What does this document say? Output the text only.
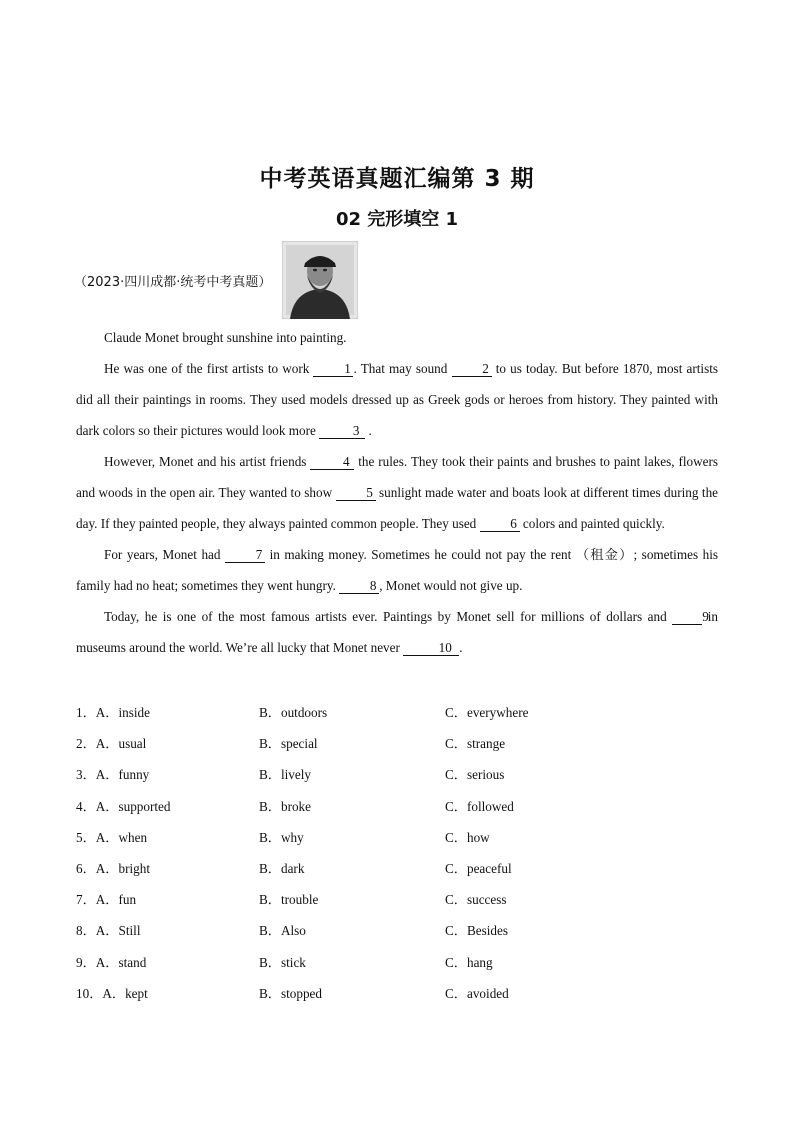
中考英语真题汇编第 3 期
02 完形填空 1
（2023·四川成都·统考中考真题）

Claude Monet brought sunshine into painting.

He was one of the first artists to work	1 . That may sound	2 to us today. But before 1870, most artists did all their paintings in rooms. They used models dressed up as Greek gods or heroes from history. They painted with dark colors so their pictures would look more	3 .

However, Monet and his artist friends	4 the rules. They took their paints and brushes to paint lakes, flowers and woods in the open air. They wanted to show	5 sunlight made water and boats look at different times during the day. If they painted people, they always painted common people. They used	6 colors and painted quickly.

For years, Monet had	7 in making money. Sometimes he could not pay the rent （租金）; sometimes his family had no heat; sometimes they went hungry.	8 , Monet would not give up.

Today, he is one of the most famous artists ever. Paintings by Monet sell for millions of dollars and	9 in museums around the world. We’re all lucky that Monet never	10 .

1．A．inside	B．outdoors	C．everywhere
2．A．usual	B．special	C．strange
3．A．funny	B．lively	C．serious
4．A．supported	B．broke	C．followed
5．A．when	B．why	C．how
6．A．bright	B．dark	C．peaceful
7．A．fun	B．trouble	C．success
8．A．Still	B．Also	C．Besides
9．A．stand	B．stick	C．hang
10．A．kept	B．stopped	C．avoided
